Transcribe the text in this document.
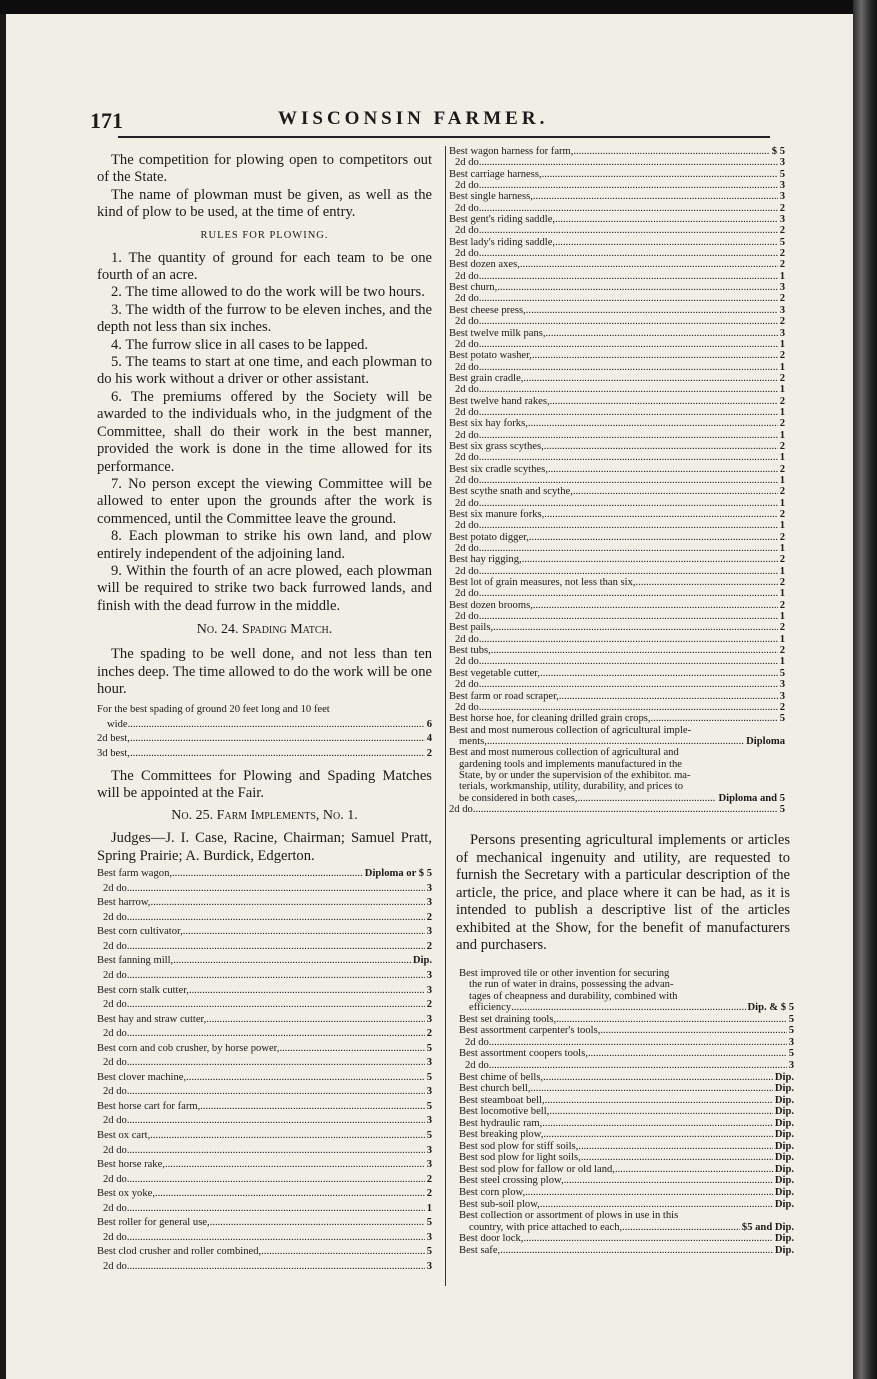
171	WISCONSIN FARMER.

The competition for plowing open to competitors out of the State.

The name of plowman must be given, as well as the kind of plow to be used, at the time of entry.

RULES FOR PLOWING.

1. The quantity of ground for each team to be one fourth of an acre.

2. The time allowed to do the work will be two hours.

3. The width of the furrow to be eleven inches, and the depth not less than six inches.

4. The furrow slice in all cases to be lapped.

5. The teams to start at one time, and each plowman to do his work without a driver or other assistant.

6. The premiums offered by the Society will be awarded to the individuals who, in the judgment of the Committee, shall do their work in the best manner, provided the work is done in the time allowed for its performance.

7. No person except the viewing Committee will be allowed to enter upon the grounds after the work is commenced, until the Committee leave the ground.

8. Each plowman to strike his own land, and plow entirely independent of the adjoining land.

9. Within the fourth of an acre plowed, each plowman will be required to strike two back furrowed lands, and finish with the dead furrow in the middle.

No. 24. Spading Match.

The spading to be well done, and not less than ten inches deep. The time allowed to do the work will be one hour.

For the best spading of ground 20 feet long and 10 feet
wide .....	6
2d best, .....	4
3d best, .....	2

The Committees for Plowing and Spading Matches will be appointed at the Fair.

No. 25. Farm Implements, No. 1.

Judges—J. I. Case, Racine, Chairman; Samuel Pratt, Spring Prairie; A. Burdick, Edgerton.

Best farm wagon, .....	Diploma or $ 5
2d do .....	3
Best harrow, .....	3
2d do .....	2
Best corn cultivator, .....	3
2d do .....	2
Best fanning mill, .....	Dip.
2d do .....	3
Best corn stalk cutter, .....	3
2d do .....	2
Best hay and straw cutter, .....	3
2d do .....	2
Best corn and cob crusher, by horse power, .....	5
2d do .....	3
Best clover machine, .....	5
2d do .....	3
Best horse cart for farm, .....	5
2d do .....	3
Best ox cart, .....	5
2d do .....	3
Best horse rake, .....	3
2d do .....	2
Best ox yoke, .....	2
2d do .....	1
Best roller for general use, .....	5
2d do .....	3
Best clod crusher and roller combined, .....	5
2d do .....	3
Best wagon harness for farm, .....	$ 5
2d do .....	3
Best carriage harness, .....	5
2d do .....	3
Best single harness, .....	3
2d do .....	2
Best gent's riding saddle, .....	3
2d do .....	2
Best lady's riding saddle, .....	5
2d do .....	2
Best dozen axes, .....	2
2d do .....	1
Best churn, .....	3
2d do .....	2
Best cheese press, .....	3
2d do .....	2
Best twelve milk pans, .....	3
2d do .....	1
Best potato washer, .....	2
2d do .....	1
Best grain cradle, .....	2
2d do .....	1
Best twelve hand rakes, .....	2
2d do .....	1
Best six hay forks, .....	2
2d do .....	1
Best six grass scythes, .....	2
2d do .....	1
Best six cradle scythes, .....	2
2d do .....	1
Best scythe snath and scythe, .....	2
2d do .....	1
Best six manure forks, .....	2
2d do .....	1
Best potato digger, .....	2
2d do .....	1
Best hay rigging, .....	2
2d do .....	1
Best lot of grain measures, not less than six, .....	2
2d do .....	1
Best dozen brooms, .....	2
2d do .....	1
Best pails, .....	2
2d do .....	1
Best tubs, .....	2
2d do .....	1
Best vegetable cutter, .....	5
2d do .....	3
Best farm or road scraper, .....	3
2d do .....	2
Best horse hoe, for cleaning drilled grain crops, .....	5
Best and most numerous collection of agricultural imple-
ments, .....	Diploma
Best and most numerous collection of agricultural and
gardening tools and implements manufactured in the
State, by or under the supervision of the exhibitor. ma-
terials, workmanship, utility, durability, and prices to
be considered in both cases, .....	Diploma and 5
2d do .....	5

Persons presenting agricultural implements or articles of mechanical ingenuity and utility, are requested to furnish the Secretary with a particular description of the article, the price, and place where it can be had, as it is intended to publish a descriptive list of the articles exhibited at the Show, for the benefit of manufacturers and purchasers.

Best improved tile or other invention for securing
the run of water in drains, possessing the advan-
tages of cheapness and durability, combined with
efficiency .....	Dip. & $ 5
Best set draining tools, .....	5
Best assortment carpenter's tools, .....	5
2d do .....	3
Best assortment coopers tools, .....	5
2d do .....	3
Best chime of bells, .....	Dip.
Best church bell, .....	Dip.
Best steamboat bell, .....	Dip.
Best locomotive bell, .....	Dip.
Best hydraulic ram, .....	Dip.
Best breaking plow, .....	Dip.
Best sod plow for stiff soils, .....	Dip.
Best sod plow for light soils, .....	Dip.
Best sod plow for fallow or old land, .....	Dip.
Best steel crossing plow, .....	Dip.
Best corn plow, .....	Dip.
Best sub-soil plow, .....	Dip.
Best collection or assortment of plows in use in this
country, with price attached to each, .....	$5 and Dip.
Best door lock, .....	Dip.
Best safe, .....	Dip.
